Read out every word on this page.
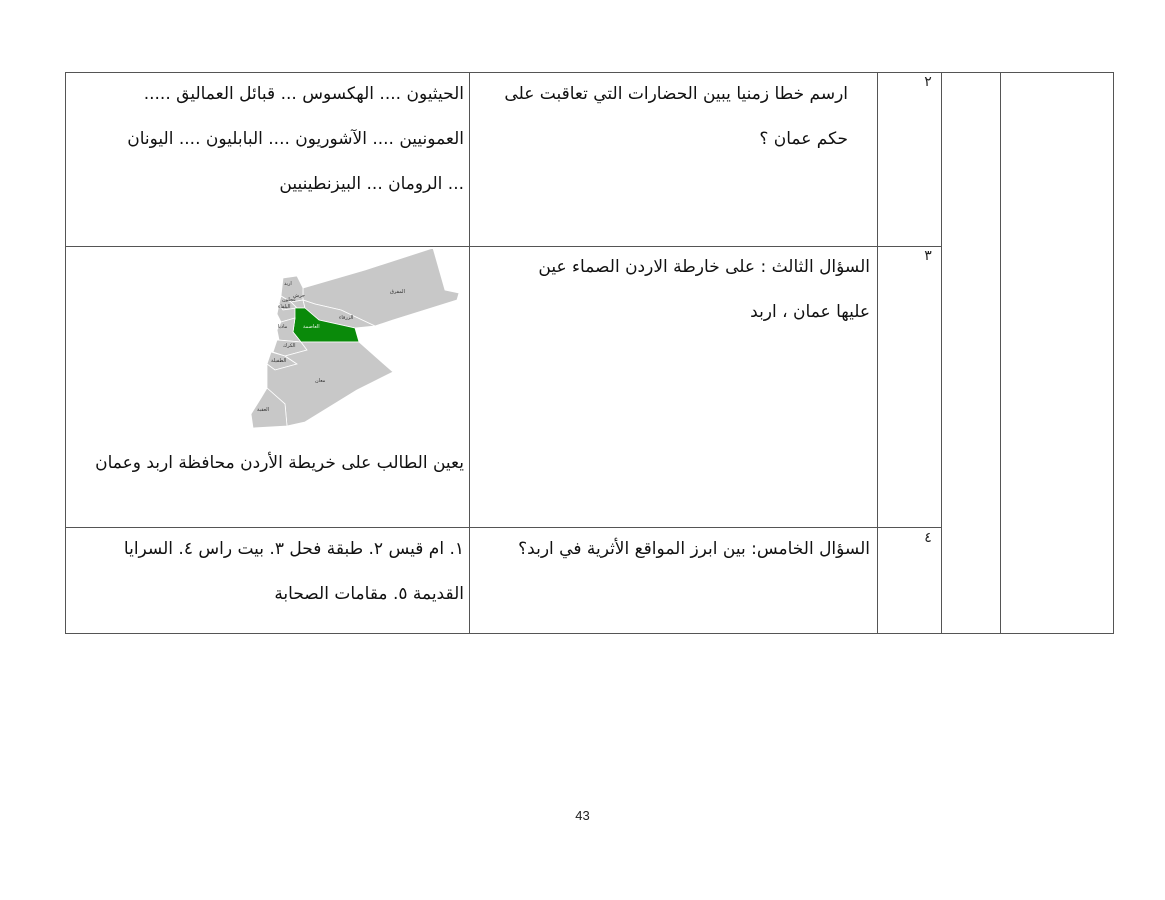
٢
ارسم خطا زمنيا يبين الحضارات التي تعاقبت على
حكم عمان ؟
الحيثيون .... الهكسوس ... قبائل العماليق .....
العمونيين .... الآشوريون .... البابليون .... اليونان
... الرومان ... البيزنطينيين
٣
السؤال الثالث : على خارطة الاردن الصماء عين
عليها عمان ، اربد
المفرق
اربد
عجلون
جرش
البلقاء
الزرقاء
العاصمة
مادبا
الكرك
الطفيلة
معان
العقبة
يعين الطالب على خريطة الأردن محافظة اربد وعمان
٤
السؤال الخامس: بين ابرز المواقع الأثرية في اربد؟
١. ام قيس ٢. طبقة فحل ٣. بيت راس ٤. السرايا
القديمة ٥. مقامات الصحابة
43
